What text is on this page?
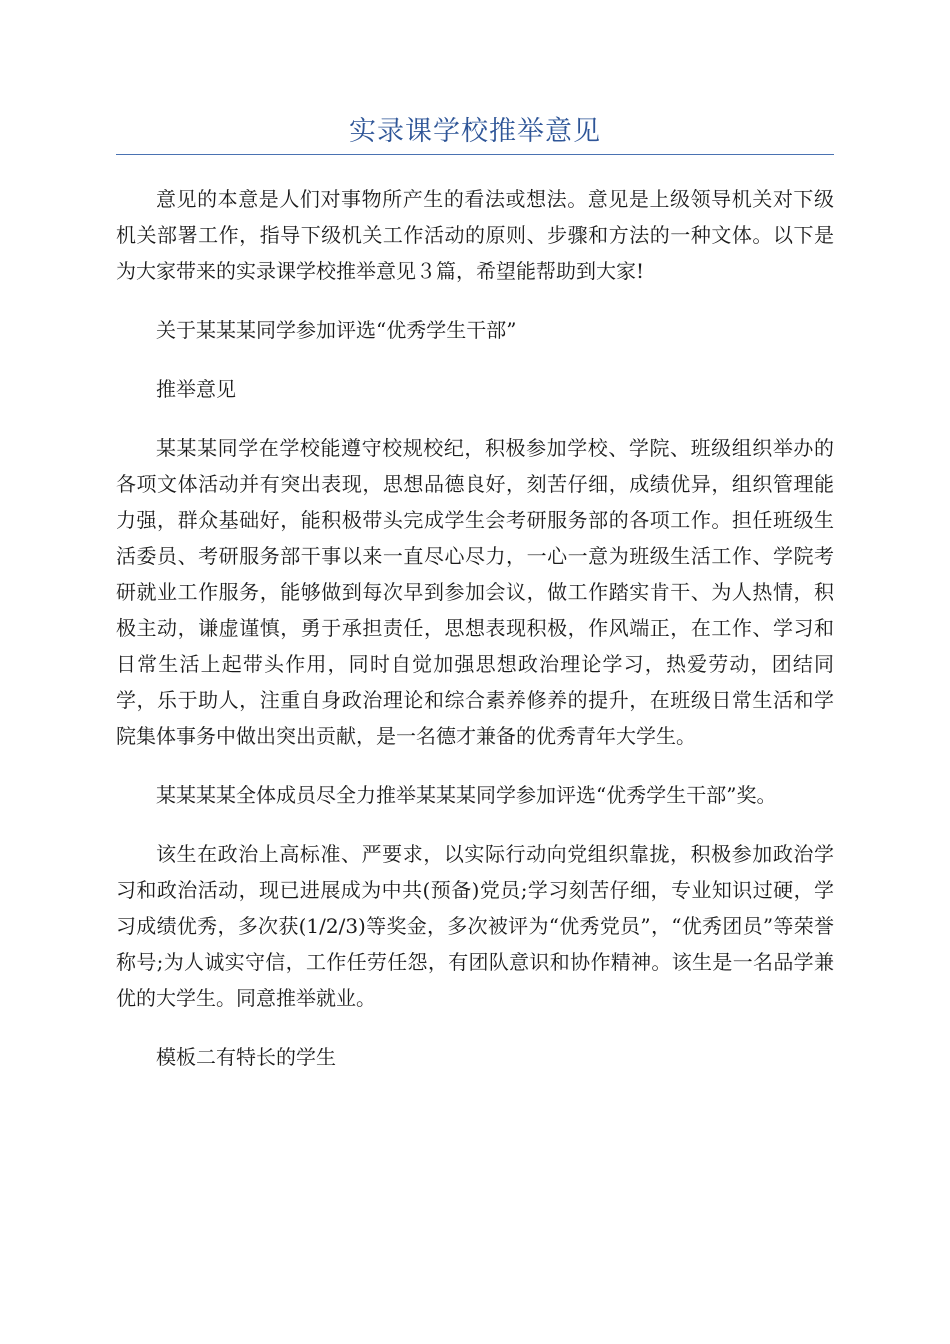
实录课学校推举意见

意见的本意是人们对事物所产生的看法或想法。意见是上级领导机关对下级机关部署工作，指导下级机关工作活动的原则、步骤和方法的一种文体。以下是为大家带来的实录课学校推举意见３篇，希望能帮助到大家!

关于某某某同学参加评选“优秀学生干部”

推举意见

某某某同学在学校能遵守校规校纪，积极参加学校、学院、班级组织举办的各项文体活动并有突出表现，思想品德良好，刻苦仔细，成绩优异，组织管理能力强，群众基础好，能积极带头完成学生会考研服务部的各项工作。担任班级生活委员、考研服务部干事以来一直尽心尽力，一心一意为班级生活工作、学院考研就业工作服务，能够做到每次早到参加会议，做工作踏实肯干、为人热情，积极主动，谦虚谨慎，勇于承担责任，思想表现积极，作风端正，在工作、学习和日常生活上起带头作用，同时自觉加强思想政治理论学习，热爱劳动，团结同学，乐于助人，注重自身政治理论和综合素养修养的提升，在班级日常生活和学院集体事务中做出突出贡献，是一名德才兼备的优秀青年大学生。

某某某某全体成员尽全力推举某某某同学参加评选“优秀学生干部”奖。

该生在政治上高标准、严要求，以实际行动向党组织靠拢，积极参加政治学习和政治活动，现已进展成为中共(预备)党员;学习刻苦仔细，专业知识过硬，学习成绩优秀，多次获(1/2/3)等奖金，多次被评为“优秀党员”，“优秀团员”等荣誉称号;为人诚实守信，工作任劳任怨，有团队意识和协作精神。该生是一名品学兼优的大学生。同意推举就业。

模板二有特长的学生
